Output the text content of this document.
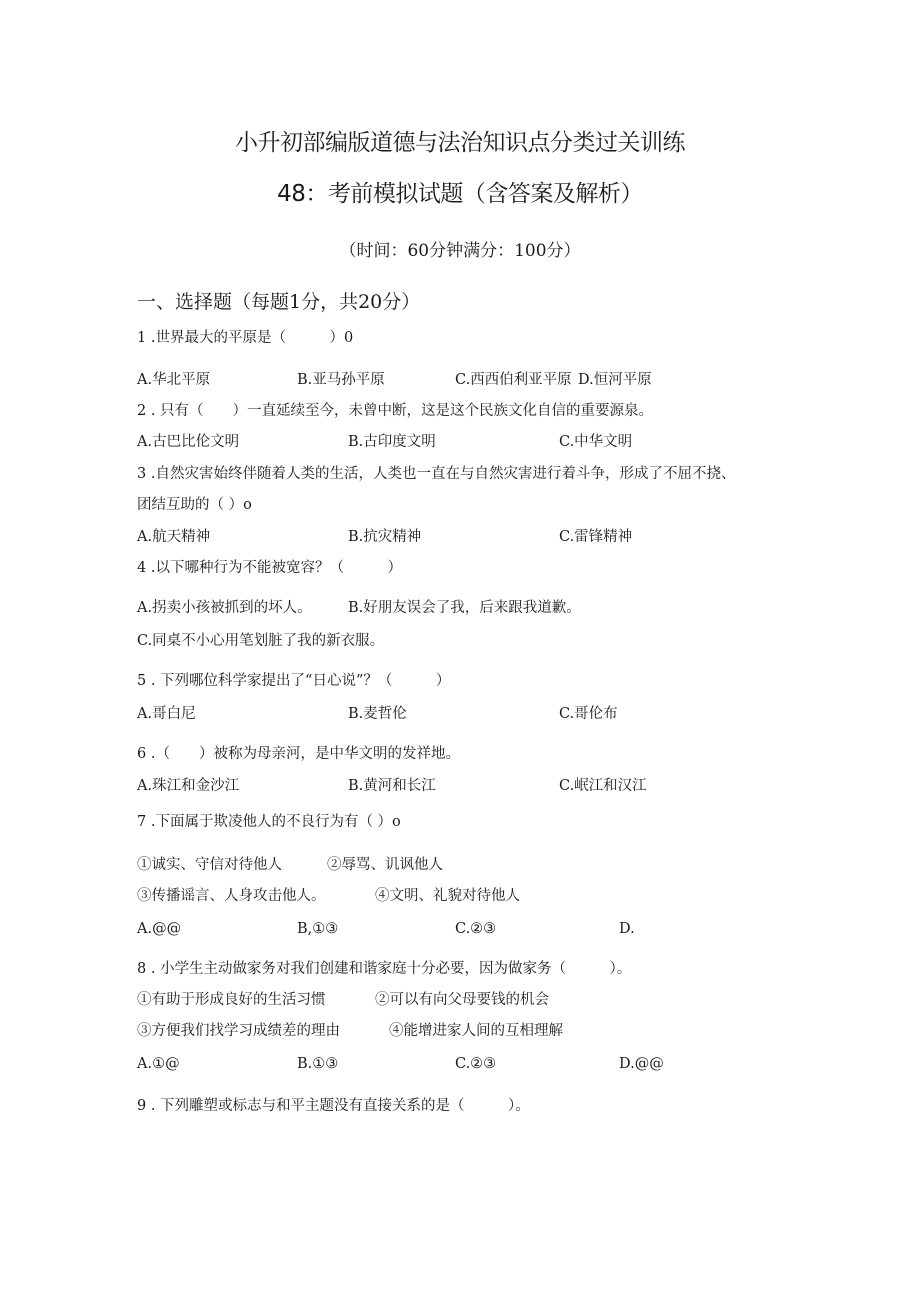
小升初部编版道德与法治知识点分类过关训练
48：考前模拟试题（含答案及解析）
（时间：60分钟满分：100分）
一、选择题（每题1分，共20分）
1 .世界最大的平原是（　　　）0
A.华北平原	B.亚马孙平原	C.西西伯利亚平原 D.恒河平原
2 . 只有（　　）一直延续至今，未曾中断，这是这个民族文化自信的重要源泉。
A.古巴比伦文明	B.古印度文明	C.中华文明
3 .自然灾害始终伴随着人类的生活，人类也一直在与自然灾害进行着斗争，形成了不屈不挠、
团结互助的（ ）o
A.航天精神	B.抗灾精神	C.雷锋精神
4 .以下哪种行为不能被宽容？（　　　）
A.拐卖小孩被抓到的坏人。	B.好朋友误会了我，后来跟我道歉。
C.同桌不小心用笔划脏了我的新衣服。
5 . 下列哪位科学家提出了“日心说”？（　　　）
A.哥白尼	B.麦哲伦	C.哥伦布
6 .（　　）被称为母亲河，是中华文明的发祥地。
A.珠江和金沙江	B.黄河和长江	C.岷江和汉江
7 .下面属于欺凌他人的不良行为有（ ）o
①诚实、守信对待他人	②辱骂、讥讽他人
③传播谣言、人身攻击他人。	④文明、礼貌对待他人
A.@@	B,①③	C.②③	D.
8 . 小学生主动做家务对我们创建和谐家庭十分必要，因为做家务（　　　）。
①有助于形成良好的生活习惯	②可以有向父母要钱的机会
③方便我们找学习成绩差的理由	④能增进家人间的互相理解
A.①@	B.①③	C.②③	D.@@
9 . 下列雕塑或标志与和平主题没有直接关系的是（　　　）。
